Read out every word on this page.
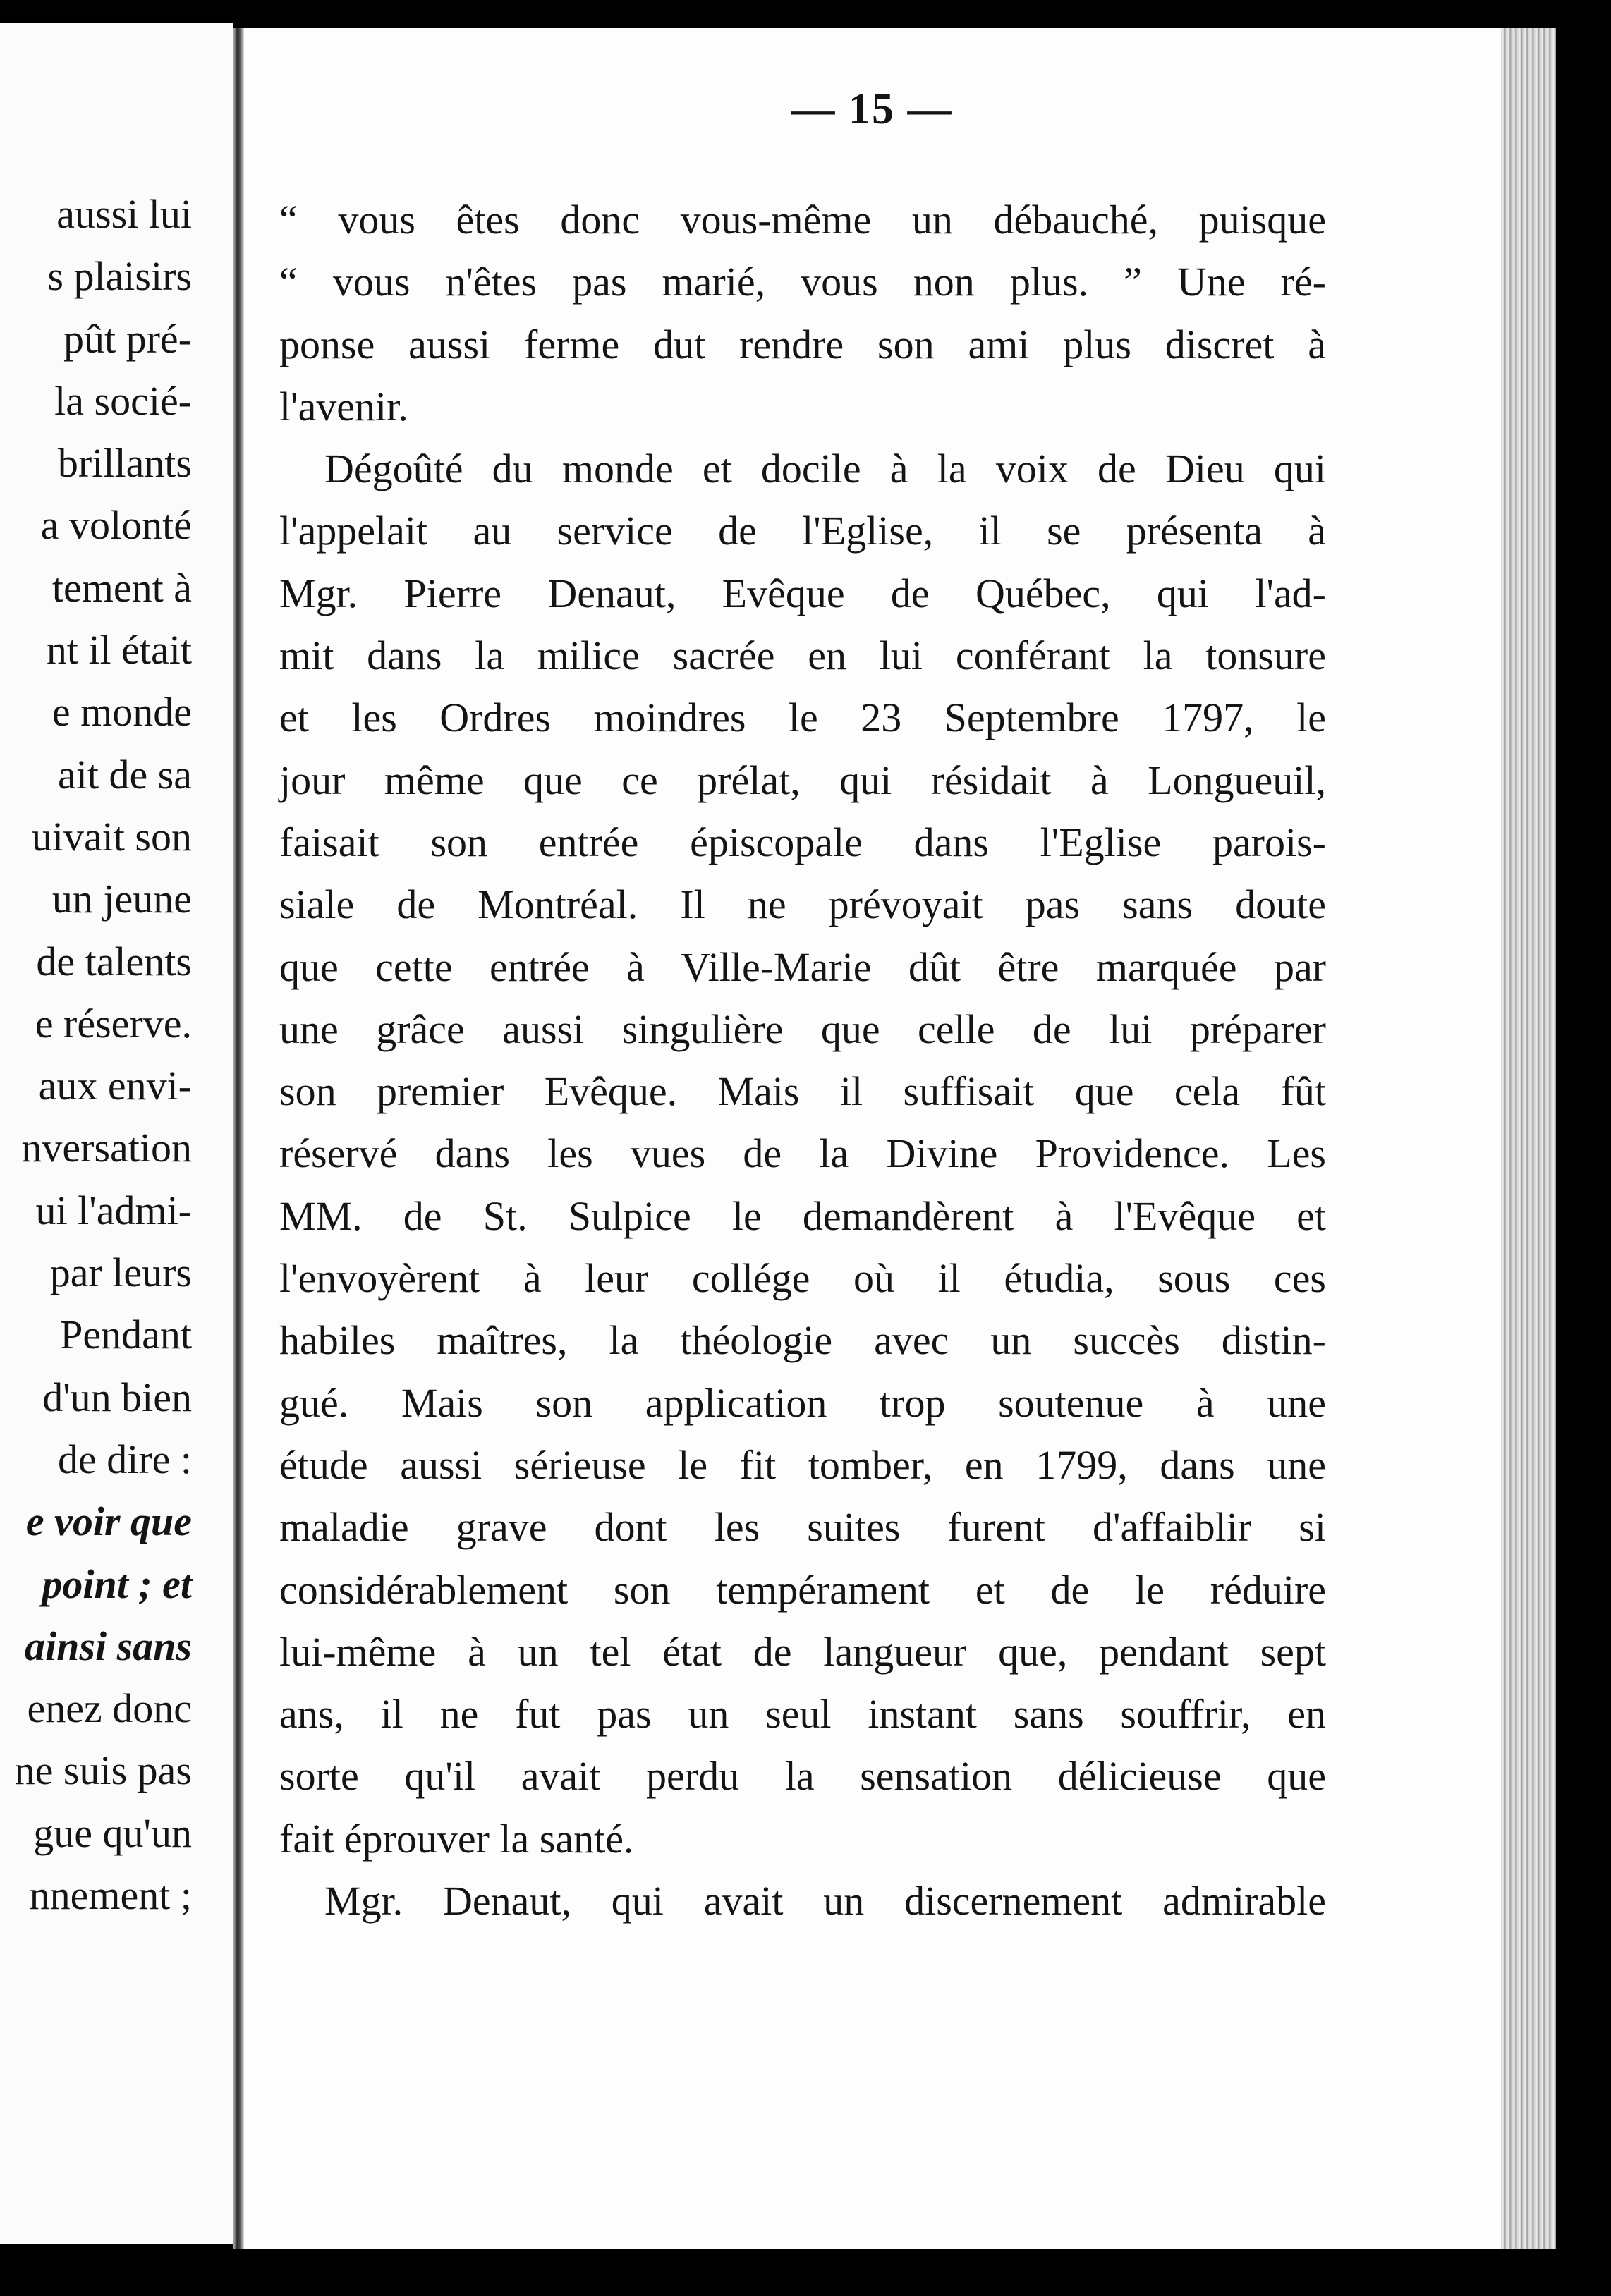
aussi lui
s plaisirs
pût pré-
la socié-
brillants
a volonté
tement à
nt il était
e monde
ait de sa
uivait son
un jeune
de talents
e réserve.
aux envi-
nversation
ui l'admi-
par leurs
Pendant
d'un bien
de dire :
e voir que
point ; et
ainsi sans
enez donc
ne suis pas
gue qu'un
nnement ;
— 15 —
“ vous êtes donc vous-même un débauché, puisque
“ vous n'êtes pas marié, vous non plus. ” Une ré-
ponse aussi ferme dut rendre son ami plus discret à
l'avenir.
Dégoûté du monde et docile à la voix de Dieu qui
l'appelait au service de l'Eglise, il se présenta à
Mgr. Pierre Denaut, Evêque de Québec, qui l'ad-
mit dans la milice sacrée en lui conférant la tonsure
et les Ordres moindres le 23 Septembre 1797, le
jour même que ce prélat, qui résidait à Longueuil,
faisait son entrée épiscopale dans l'Eglise parois-
siale de Montréal. Il ne prévoyait pas sans doute
que cette entrée à Ville-Marie dût être marquée par
une grâce aussi singulière que celle de lui préparer
son premier Evêque. Mais il suffisait que cela fût
réservé dans les vues de la Divine Providence. Les
MM. de St. Sulpice le demandèrent à l'Evêque et
l'envoyèrent à leur collége où il étudia, sous ces
habiles maîtres, la théologie avec un succès distin-
gué. Mais son application trop soutenue à une
étude aussi sérieuse le fit tomber, en 1799, dans une
maladie grave dont les suites furent d'affaiblir si
considérablement son tempérament et de le réduire
lui-même à un tel état de langueur que, pendant sept
ans, il ne fut pas un seul instant sans souffrir, en
sorte qu'il avait perdu la sensation délicieuse que
fait éprouver la santé.
Mgr. Denaut, qui avait un discernement admirable
